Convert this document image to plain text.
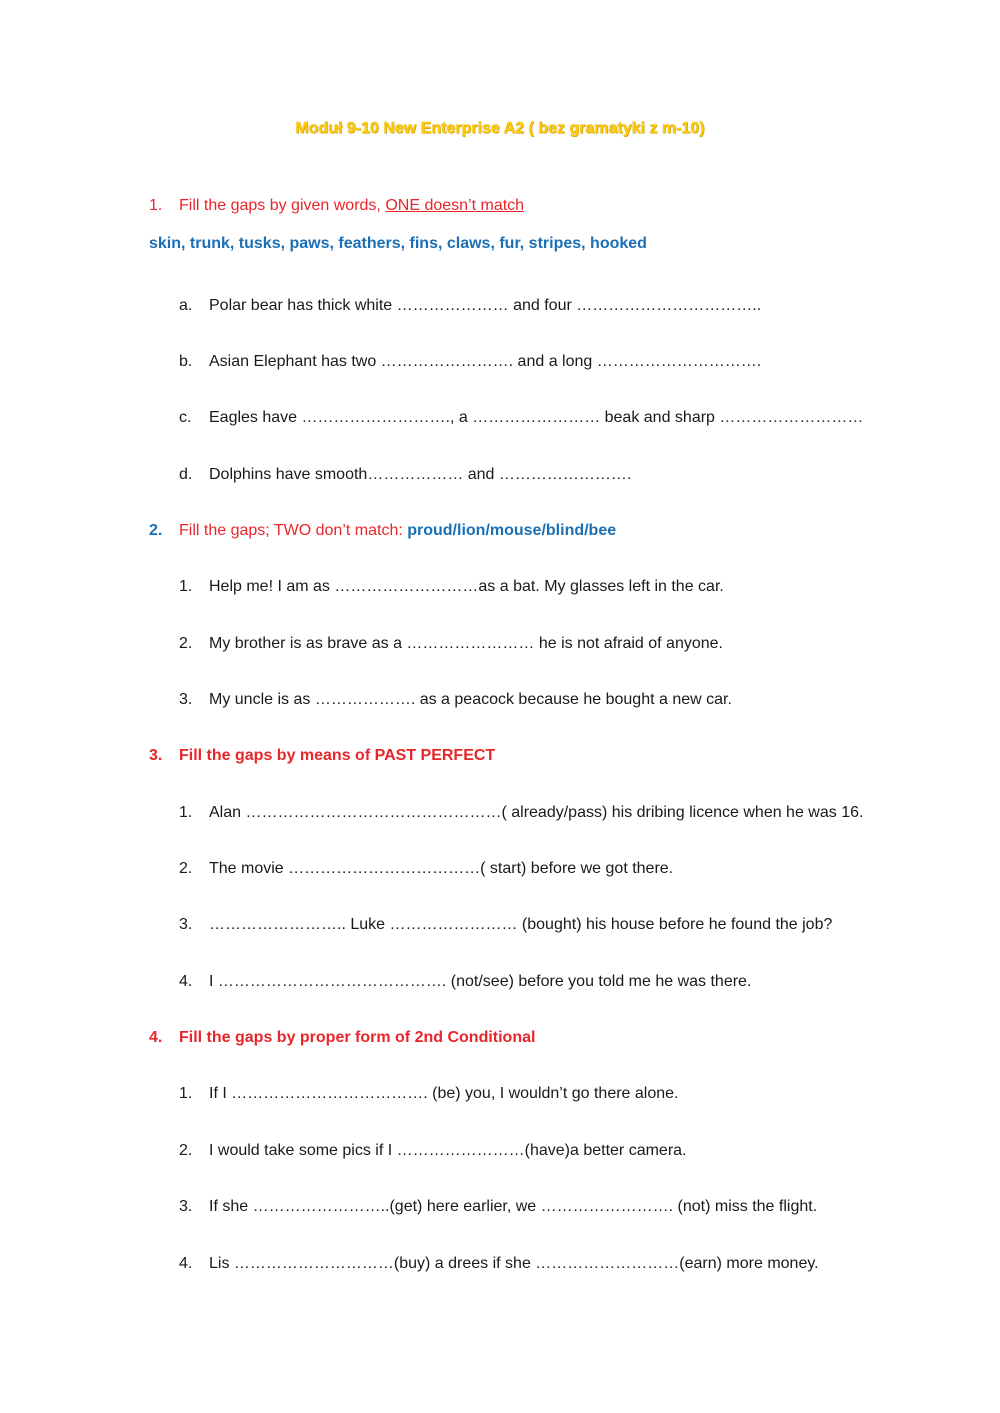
Moduł 9-10 New Enterprise A2 ( bez gramatyki z m-10)
1. Fill the gaps by given words, ONE doesn’t match
skin, trunk, tusks, paws, feathers, fins, claws, fur, stripes, hooked
a. Polar bear has thick white ………………… and four ……………………………..
b. Asian Elephant has two ……………………. and a long ………………………….
c. Eagles have ………………………., a …………………… beak and sharp ………………………
d. Dolphins have smooth……………… and …………………….
2. Fill the gaps; TWO don’t match: proud/lion/mouse/blind/bee
1. Help me! I am as ………………………as a bat. My glasses left in the car.
2. My brother is as brave as a …………………… he is not afraid of anyone.
3. My uncle is as ………………. as a peacock because he bought a new car.
3. Fill the gaps by means of PAST PERFECT
1. Alan …………………………………………( already/pass) his dribing licence when he was 16.
2. The movie ………………………………( start) before we got there.
3. …………………….. Luke …………………… (bought) his house before he found the job?
4. I ……………………………………. (not/see) before you told me he was there.
4. Fill the gaps by proper form of 2nd Conditional
1. If I ………………………………. (be) you, I wouldn’t go there alone.
2. I would take some pics if I ……………………(have)a better camera.
3. If she ……………………..(get) here earlier, we ……………………. (not) miss the flight.
4. Lis …………………………(buy) a drees if she ………………………(earn) more money.
